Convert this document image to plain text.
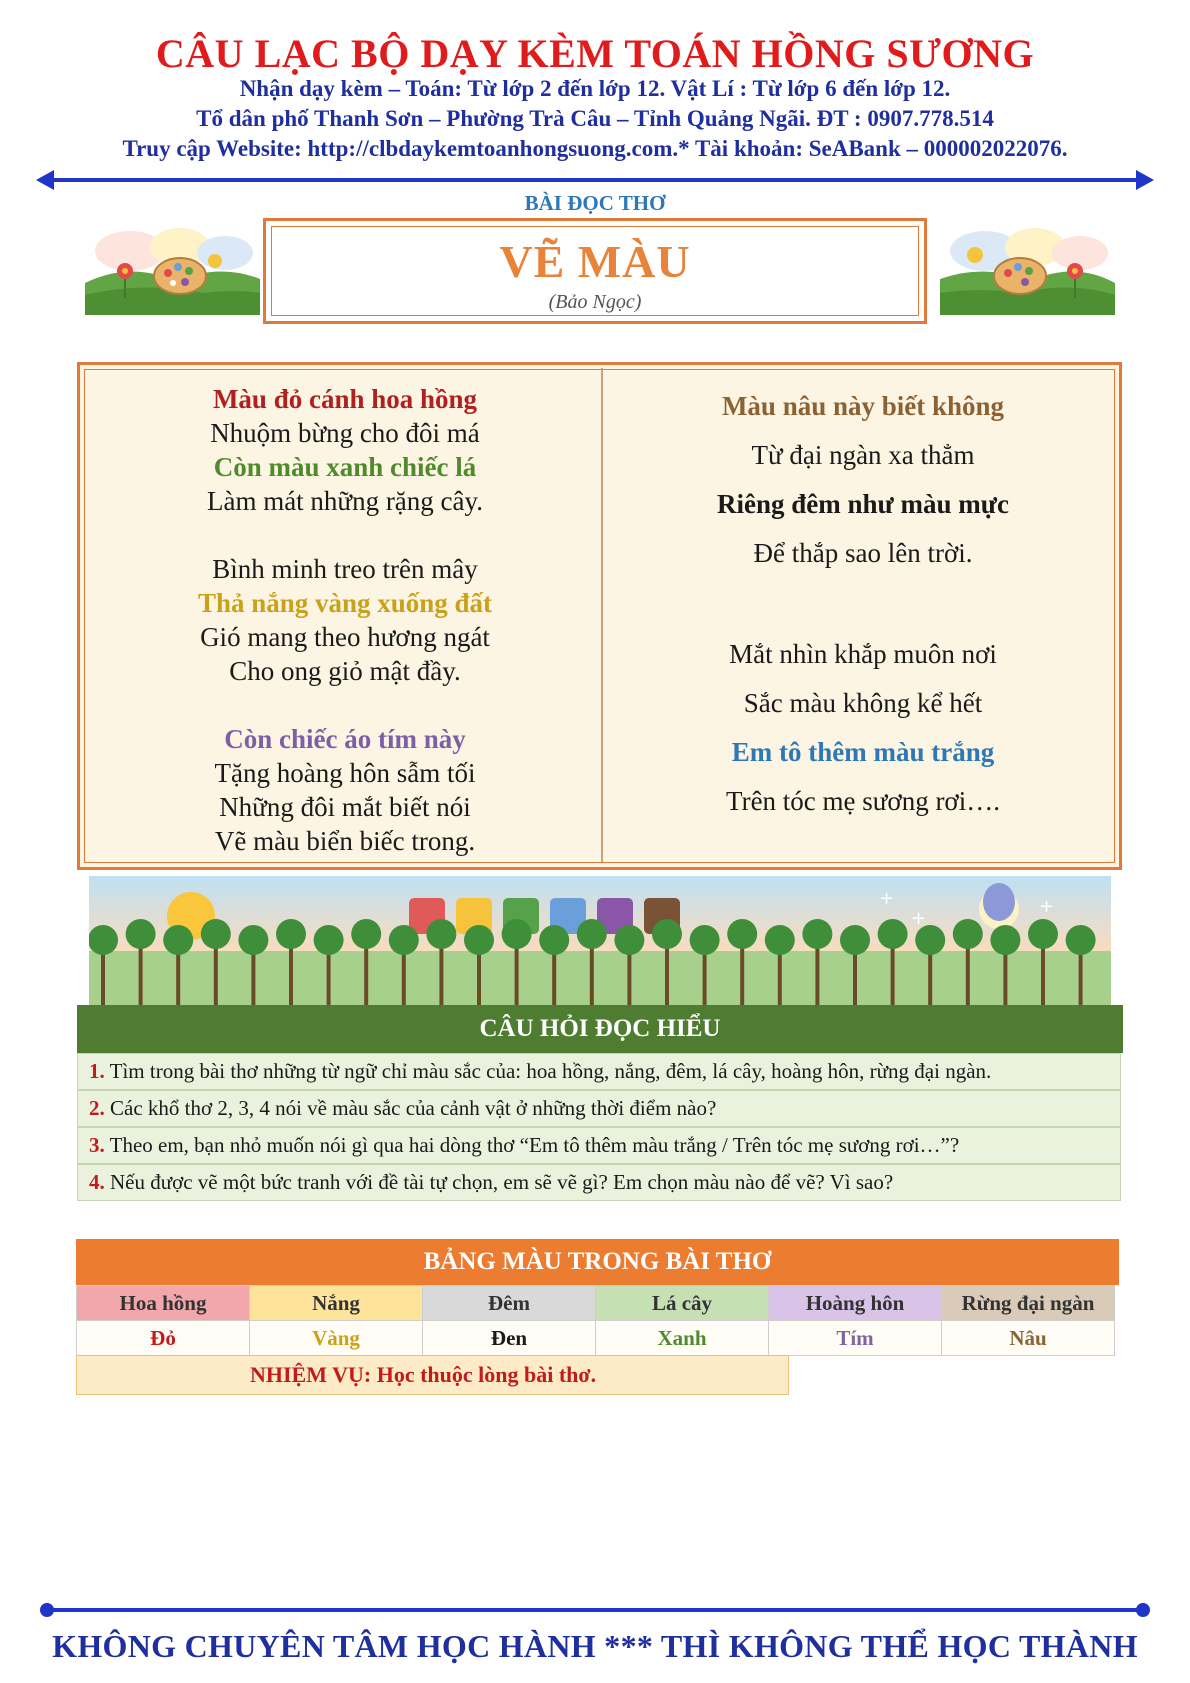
CÂU LẠC BỘ DẠY KÈM TOÁN HỒNG SƯƠNG
Nhận dạy kèm – Toán: Từ lớp 2 đến lớp 12. Vật Lí : Từ lớp 6 đến lớp 12.
Tổ dân phố Thanh Sơn – Phường Trà Câu – Tỉnh Quảng Ngãi. ĐT : 0907.778.514
Truy cập Website: http://clbdaykemtoanhongsuong.com.* Tài khoản: SeABank – 000002022076.
BÀI ĐỌC THƠ
VẼ MÀU
(Bảo Ngọc)
Màu đỏ cánh hoa hồng
Nhuộm bừng cho đôi má
Còn màu xanh chiếc lá
Làm mát những rặng cây.
Bình minh treo trên mây
Thả nắng vàng xuống đất
Gió mang theo hương ngát
Cho ong giỏ mật đầy.
Còn chiếc áo tím này
Tặng hoàng hôn sẫm tối
Những đôi mắt biết nói
Vẽ màu biển biếc trong.
Màu nâu này biết không
Từ đại ngàn xa thẳm
Riêng đêm như màu mực
Để thắp sao lên trời.
Mắt nhìn khắp muôn nơi
Sắc màu không kể hết
Em tô thêm màu trắng
Trên tóc mẹ sương rơi….
+
+
+
CÂU HỎI ĐỌC HIỂU
1. Tìm trong bài thơ những từ ngữ chỉ màu sắc của: hoa hồng, nắng, đêm, lá cây, hoàng hôn, rừng đại ngàn.
2. Các khổ thơ 2, 3, 4 nói về màu sắc của cảnh vật ở những thời điểm nào?
3. Theo em, bạn nhỏ muốn nói gì qua hai dòng thơ “Em tô thêm màu trắng / Trên tóc mẹ sương rơi…”?
4. Nếu được vẽ một bức tranh với đề tài tự chọn, em sẽ vẽ gì? Em chọn màu nào để vẽ? Vì sao?
BẢNG MÀU TRONG BÀI THƠ
Hoa hồng	Nắng	Đêm	Lá cây	Hoàng hôn	Rừng đại ngàn
Đỏ	Vàng	Đen	Xanh	Tím	Nâu
NHIỆM VỤ: Học thuộc lòng bài thơ.
KHÔNG CHUYÊN TÂM HỌC HÀNH *** THÌ KHÔNG THỂ HỌC THÀNH
